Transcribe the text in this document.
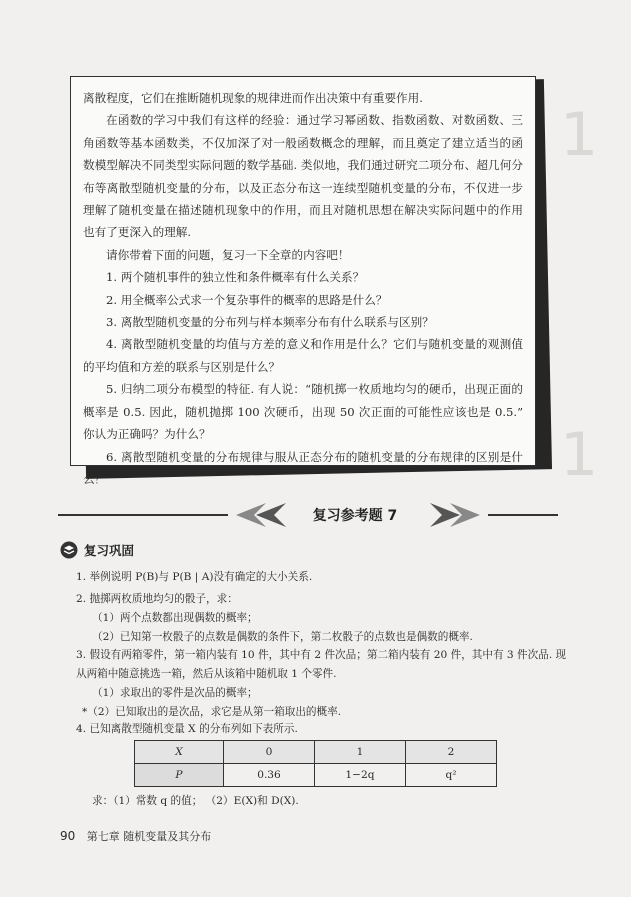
1
1

离散程度，它们在推断随机现象的规律进而作出决策中有重要作用.

在函数的学习中我们有这样的经验：通过学习幂函数、指数函数、对数函数、三角函数等基本函数类，不仅加深了对一般函数概念的理解，而且奠定了建立适当的函数模型解决不同类型实际问题的数学基础. 类似地，我们通过研究二项分布、超几何分布等离散型随机变量的分布，以及正态分布这一连续型随机变量的分布，不仅进一步理解了随机变量在描述随机现象中的作用，而且对随机思想在解决实际问题中的作用也有了更深入的理解.

请你带着下面的问题，复习一下全章的内容吧！

1. 两个随机事件的独立性和条件概率有什么关系？

2. 用全概率公式求一个复杂事件的概率的思路是什么？

3. 离散型随机变量的分布列与样本频率分布有什么联系与区别？

4. 离散型随机变量的均值与方差的意义和作用是什么？它们与随机变量的观测值的平均值和方差的联系与区别是什么？

5. 归纳二项分布模型的特征. 有人说：“随机掷一枚质地均匀的硬币，出现正面的概率是 0.5. 因此，随机抛掷 100 次硬币，出现 50 次正面的可能性应该也是 0.5.” 你认为正确吗？为什么？

6. 离散型随机变量的分布规律与服从正态分布的随机变量的分布规律的区别是什么？

复习参考题 7
复习巩固
1. 举例说明 P(B)与 P(B | A)没有确定的大小关系.
2. 抛掷两枚质地均匀的骰子，求：
（1）两个点数都出现偶数的概率；
（2）已知第一枚骰子的点数是偶数的条件下，第二枚骰子的点数也是偶数的概率.
3. 假设有两箱零件，第一箱内装有 10 件，其中有 2 件次品；第二箱内装有 20 件，其中有 3 件次品. 现从两箱中随意挑选一箱，然后从该箱中随机取 1 个零件.
（1）求取出的零件是次品的概率；
*（2）已知取出的是次品，求它是从第一箱取出的概率.
4. 已知离散型随机变量 X 的分布列如下表所示.
X	0	1	2
P	0.36	1−2q	q²
求：（1）常数 q 的值； （2）E(X)和 D(X).
90 第七章 随机变量及其分布
